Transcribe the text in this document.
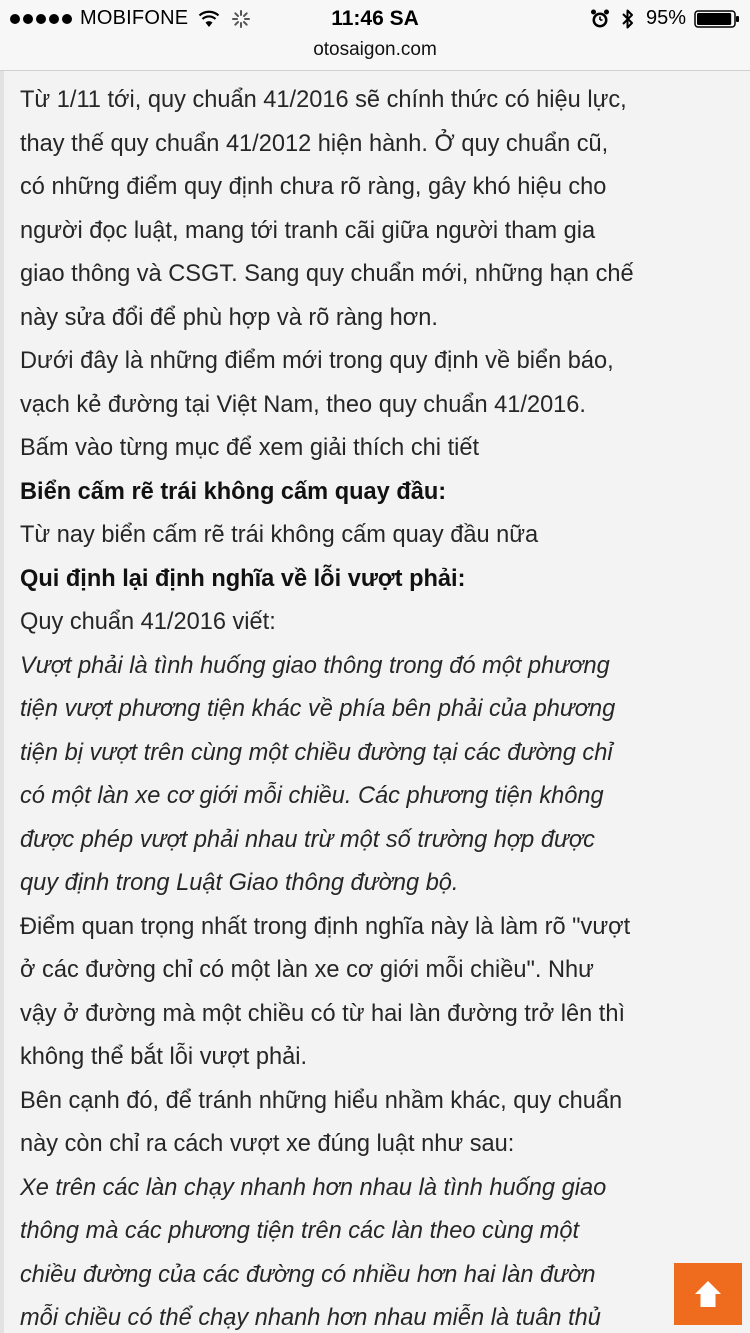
MOBIFONE	11:46 SA	95%
otosaigon.com

Từ 1/11 tới, quy chuẩn 41/2016 sẽ chính thức có hiệu lực,

thay thế quy chuẩn 41/2012 hiện hành. Ở quy chuẩn cũ,

có những điểm quy định chưa rõ ràng, gây khó hiệu cho

người đọc luật, mang tới tranh cãi giữa người tham gia

giao thông và CSGT. Sang quy chuẩn mới, những hạn chế

này sửa đổi để phù hợp và rõ ràng hơn.

Dưới đây là những điểm mới trong quy định về biển báo,

vạch kẻ đường tại Việt Nam, theo quy chuẩn 41/2016.

Bấm vào từng mục để xem giải thích chi tiết

Biển cấm rẽ trái không cấm quay đầu:

Từ nay biển cấm rẽ trái không cấm quay đầu nữa

Qui định lại định nghĩa về lỗi vượt phải:

Quy chuẩn 41/2016 viết:

Vượt phải là tình huống giao thông trong đó một phương

tiện vượt phương tiện khác về phía bên phải của phương

tiện bị vượt trên cùng một chiều đường tại các đường chỉ

có một làn xe cơ giới mỗi chiều. Các phương tiện không

được phép vượt phải nhau trừ một số trường hợp được

quy định trong Luật Giao thông đường bộ.

Điểm quan trọng nhất trong định nghĩa này là làm rõ "vượt

ở các đường chỉ có một làn xe cơ giới mỗi chiều". Như

vậy ở đường mà một chiều có từ hai làn đường trở lên thì

không thể bắt lỗi vượt phải.

Bên cạnh đó, để tránh những hiểu nhầm khác, quy chuẩn

này còn chỉ ra cách vượt xe đúng luật như sau:

Xe trên các làn chạy nhanh hơn nhau là tình huống giao

thông mà các phương tiện trên các làn theo cùng một

chiều đường của các đường có nhiều hơn hai làn đườn

mỗi chiều có thể chạy nhanh hơn nhau miễn là tuân thủ
